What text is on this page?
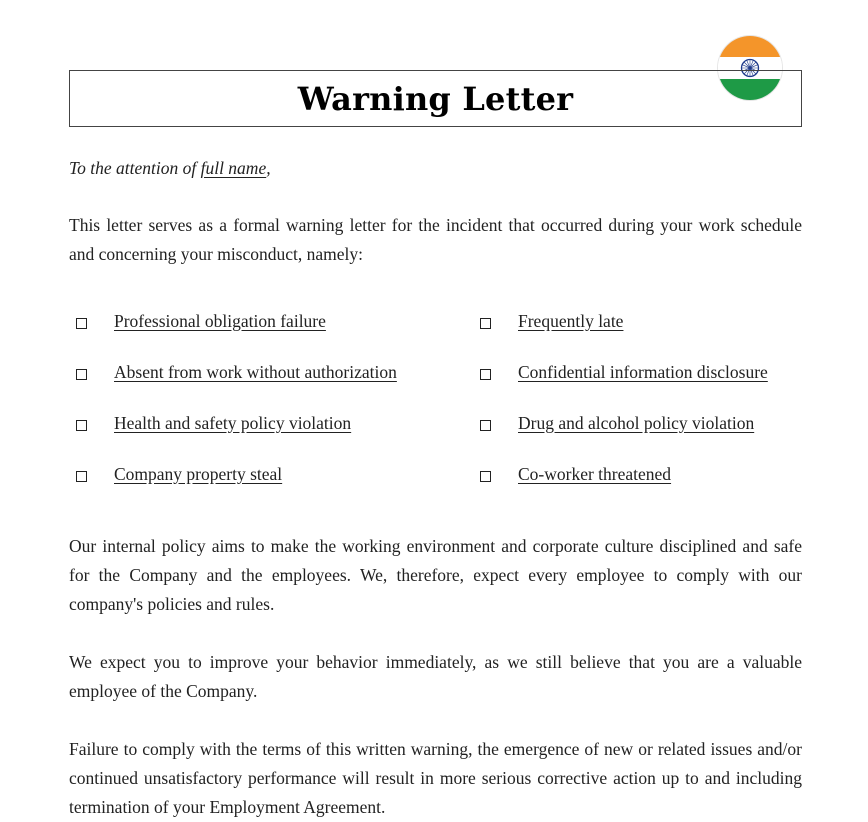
Warning Letter
To the attention of full name,
This letter serves as a formal warning letter for the incident that occurred during your work schedule and concerning your misconduct, namely:
Professional obligation failure
Absent from work without authorization
Health and safety policy violation
Company property steal
Frequently late
Confidential information disclosure
Drug and alcohol policy violation
Co-worker threatened
Our internal policy aims to make the working environment and corporate culture disciplined and safe for the Company and the employees. We, therefore, expect every employee to comply with our company's policies and rules.
We expect you to improve your behavior immediately, as we still believe that you are a valuable employee of the Company.
Failure to comply with the terms of this written warning, the emergence of new or related issues and/or continued unsatisfactory performance will result in more serious corrective action up to and including termination of your Employment Agreement.
